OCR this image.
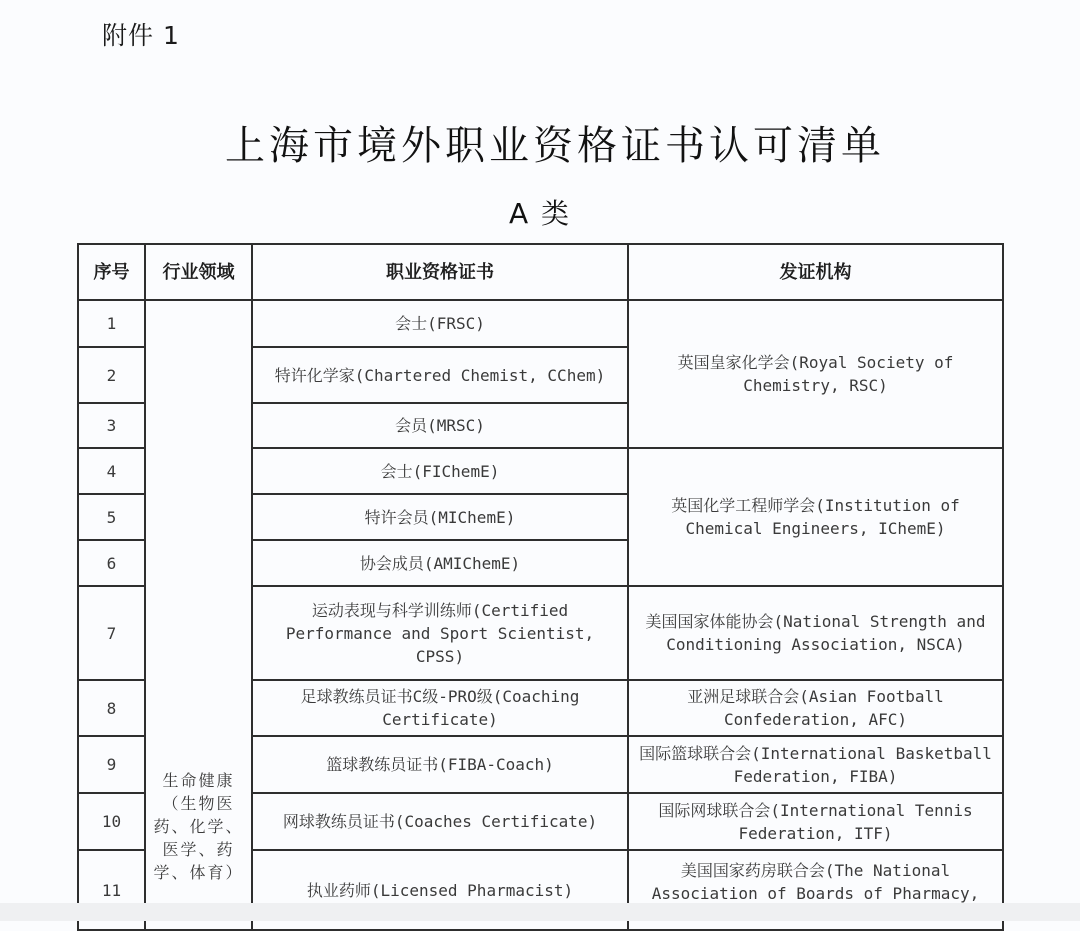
附件 1
上海市境外职业资格证书认可清单
A 类
序号	行业领域	职业资格证书	发证机构
1	生命健康（生物医药、化学、医学、药学、体育）	会士(FRSC)	英国皇家化学会(Royal Society of Chemistry, RSC)
2		特许化学家(Chartered Chemist, CChem)	
3		会员(MRSC)	
4		会士(FIChemE)	英国化学工程师学会(Institution of Chemical Engineers, IChemE)
5		特许会员(MIChemE)	
6		协会成员(AMIChemE)	
7		运动表现与科学训练师(Certified Performance and Sport Scientist, CPSS)	美国国家体能协会(National Strength and Conditioning Association, NSCA)
8		足球教练员证书C级-PRO级(Coaching Certificate)	亚洲足球联合会(Asian Football Confederation, AFC)
9		篮球教练员证书(FIBA-Coach)	国际篮球联合会(International Basketball Federation, FIBA)
10		网球教练员证书(Coaches Certificate)	国际网球联合会(International Tennis Federation, ITF)
11		执业药师(Licensed Pharmacist)	美国国家药房联合会(The National Association of Boards of Pharmacy,
